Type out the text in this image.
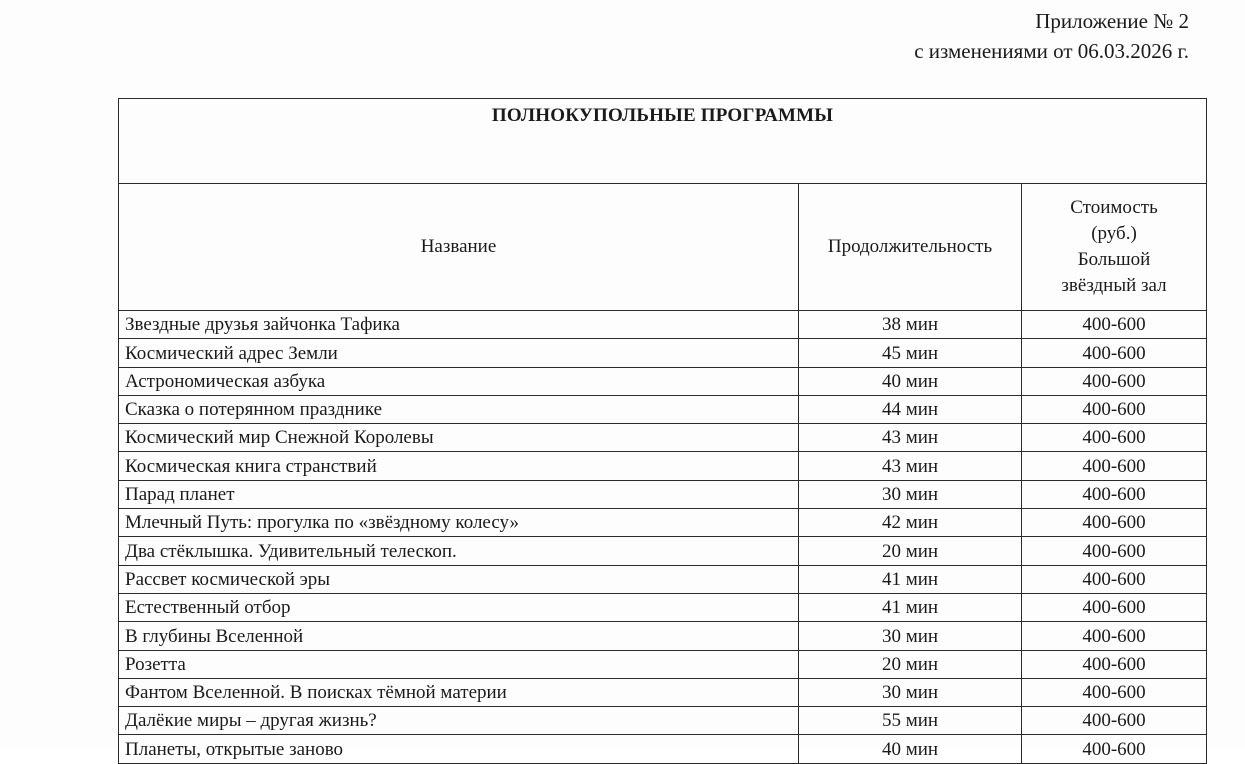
Приложение № 2
с изменениями от 06.03.2026 г.
ПОЛНОКУПОЛЬНЫЕ ПРОГРАММЫ		
Название	Продолжительность	Стоимость
(руб.)
Большой
звёздный зал

Звездные друзья зайчонка Тафика	38 мин	400-600
Космический адрес Земли	45 мин	400-600
Астрономическая азбука	40 мин	400-600
Сказка о потерянном празднике	44 мин	400-600
Космический мир Снежной Королевы	43 мин	400-600
Космическая книга странствий	43 мин	400-600
Парад планет	30 мин	400-600
Млечный Путь: прогулка по «звёздному колесу»	42 мин	400-600
Два стёклышка. Удивительный телескоп.	20 мин	400-600
Рассвет космической эры	41 мин	400-600
Естественный отбор	41 мин	400-600
В глубины Вселенной	30 мин	400-600
Розетта	20 мин	400-600
Фантом Вселенной. В поисках тёмной материи	30 мин	400-600
Далёкие миры – другая жизнь?	55 мин	400-600
Планеты, открытые заново	40 мин	400-600
